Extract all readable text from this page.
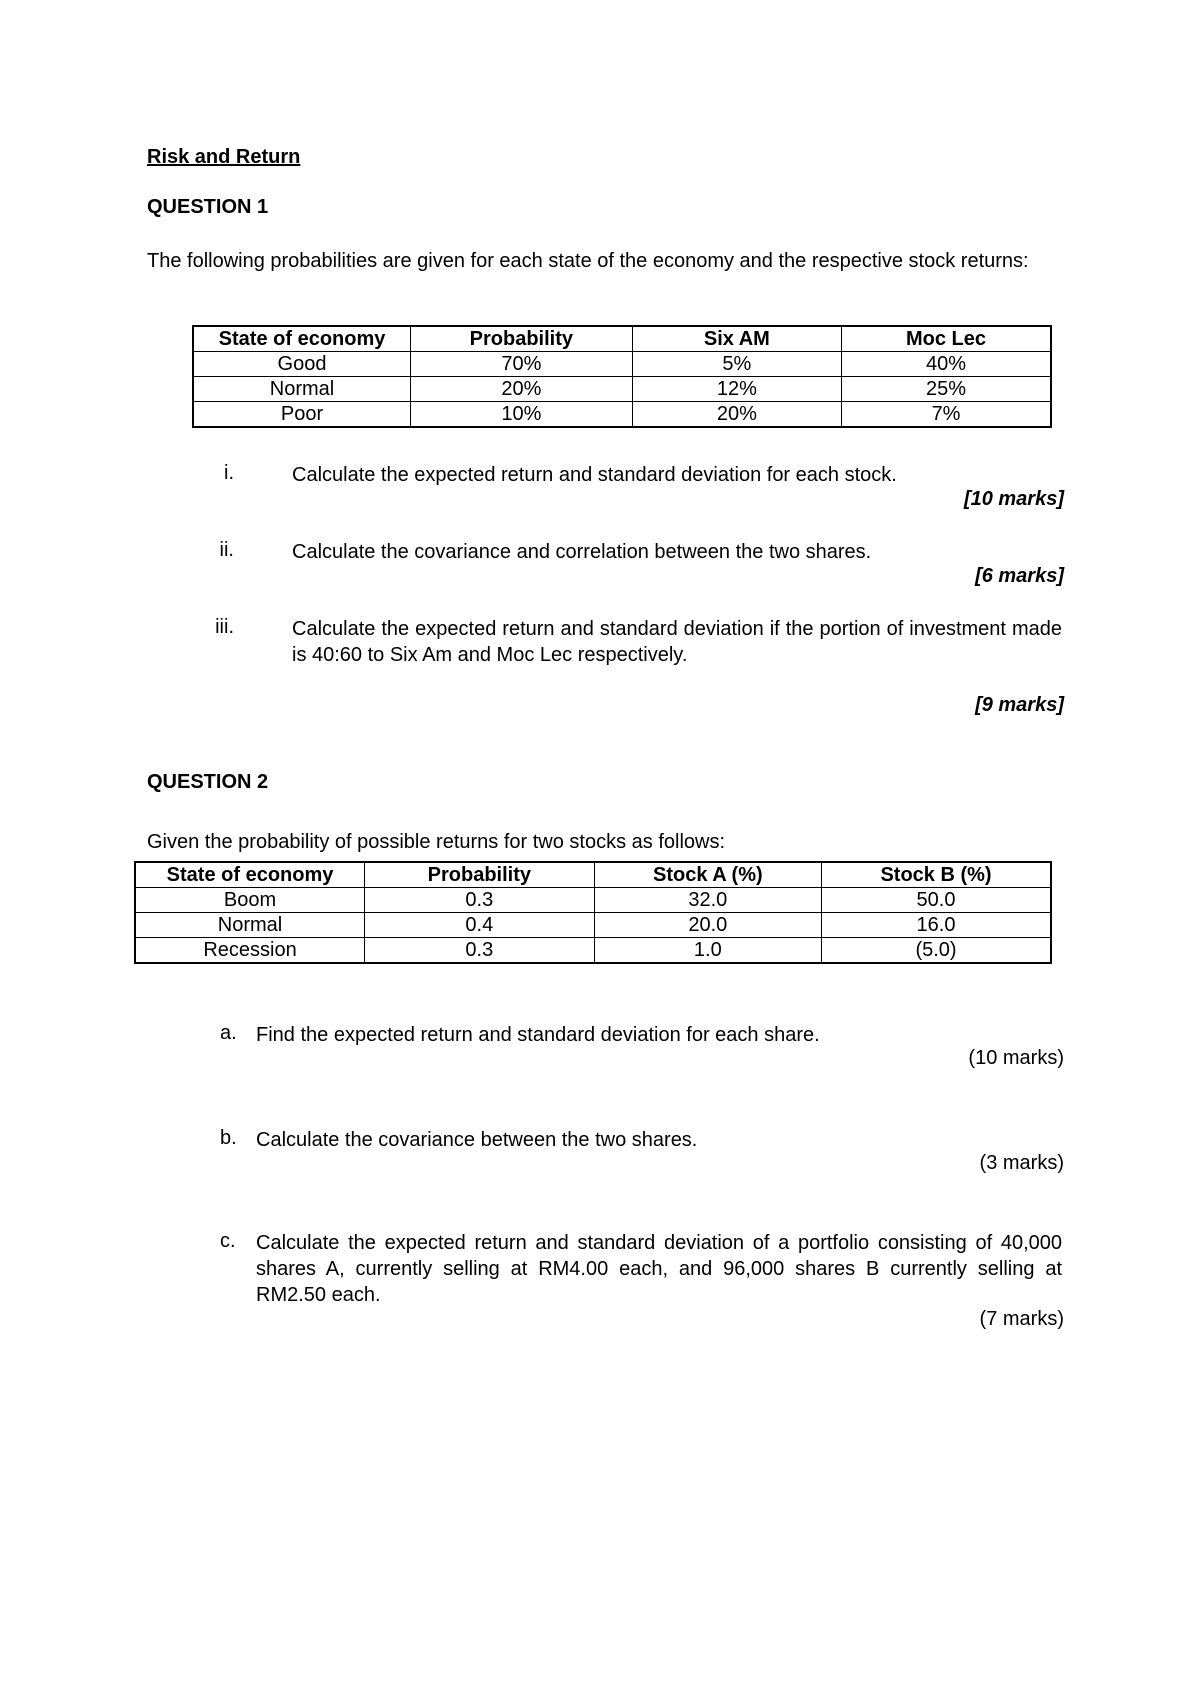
Risk and Return
QUESTION 1
The following probabilities are given for each state of the economy and the respective stock returns:
State of economy	Probability	Six AM	Moc Lec
Good	70%	5%	40%
Normal	20%	12%	25%
Poor	10%	20%	7%
i.	Calculate the expected return and standard deviation for each stock.
[10 marks]
ii.	Calculate the covariance and correlation between the two shares.
[6 marks]
iii.	Calculate the expected return and standard deviation if the portion of investment made is 40:60 to Six Am and Moc Lec respectively.
[9 marks]
QUESTION 2
Given the probability of possible returns for two stocks as follows:
State of economy	Probability	Stock A (%)	Stock B (%)
Boom	0.3	32.0	50.0
Normal	0.4	20.0	16.0
Recession	0.3	1.0	(5.0)
a. Find the expected return and standard deviation for each share.
(10 marks)
b. Calculate the covariance between the two shares.
(3 marks)
c.	Calculate the expected return and standard deviation of a portfolio consisting of 40,000 shares A, currently selling at RM4.00 each, and 96,000 shares B currently selling at RM2.50 each.
(7 marks)
